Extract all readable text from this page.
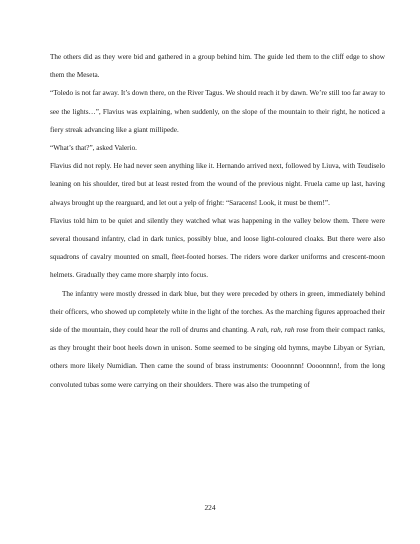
The others did as they were bid and gathered in a group behind him. The guide led them to the cliff edge to show them the Meseta.

“Toledo is not far away. It’s down there, on the River Tagus. We should reach it by dawn. We’re still too far away to see the lights…”, Flavius was explaining, when suddenly, on the slope of the mountain to their right, he noticed a fiery streak advancing like a giant millipede.

“What’s that?”, asked Valerio.

Flavius did not reply. He had never seen anything like it. Hernando arrived next, followed by Liuva, with Teudiselo leaning on his shoulder, tired but at least rested from the wound of the previous night. Fruela came up last, having always brought up the rearguard, and let out a yelp of fright: “Saracens! Look, it must be them!”.

Flavius told him to be quiet and silently they watched what was happening in the valley below them. There were several thousand infantry, clad in dark tunics, possibly blue, and loose light-coloured cloaks. But there were also squadrons of cavalry mounted on small, fleet-footed horses. The riders wore darker uniforms and crescent-moon helmets. Gradually they came more sharply into focus.

The infantry were mostly dressed in dark blue, but they were preceded by others in green, immediately behind their officers, who showed up completely white in the light of the torches. As the marching figures approached their side of the mountain, they could hear the roll of drums and chanting. A rah, rah, rah rose from their compact ranks, as they brought their boot heels down in unison. Some seemed to be singing old hymns, maybe Libyan or Syrian, others more likely Numidian. Then came the sound of brass instruments: Oooonnnn! Oooonnnn!, from the long convoluted tubas some were carrying on their shoulders. There was also the trumpeting of

224
